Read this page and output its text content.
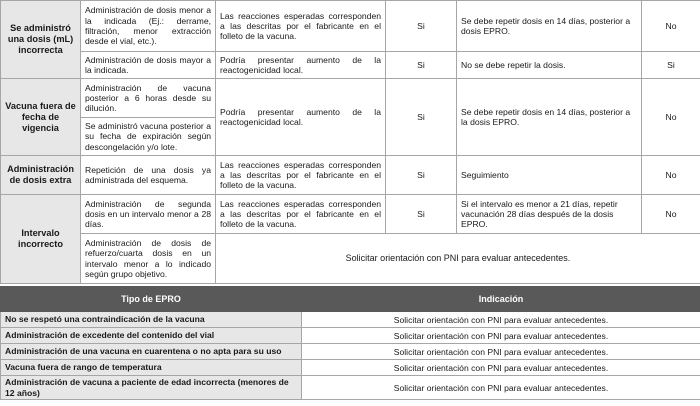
Se administró una dosis (mL) incorrecta	Administración de dosis menor a la indicada (Ej.: derrame, filtración, menor extracción desde el vial, etc.).	Las reacciones esperadas corresponden a las descritas por el fabricante en el folleto de la vacuna.	Si	Se debe repetir dosis en 14 días, posterior a dosis EPRO.	No
	Administración de dosis mayor a la indicada.	Podría presentar aumento de la reactogenicidad local.	Si	No se debe repetir la dosis.	Si
Vacuna fuera de fecha de vigencia	Administración de vacuna posterior a 6 horas desde su dilución.	Podría presentar aumento de la reactogenicidad local.	Si	Se debe repetir dosis en 14 días, posterior a la dosis EPRO.	No
	Se administró vacuna posterior a su fecha de expiración según descongelación y/o lote.				
Administración de dosis extra	Repetición de una dosis ya administrada del esquema.	Las reacciones esperadas corresponden a las descritas por el fabricante en el folleto de la vacuna.	Si	Seguimiento	No
Intervalo incorrecto	Administración de segunda dosis en un intervalo menor a 28 días.	Las reacciones esperadas corresponden a las descritas por el fabricante en el folleto de la vacuna.	Si	Si el intervalo es menor a 21 días, repetir vacunación 28 días después de la dosis EPRO.	No
	Administración de dosis de refuerzo/cuarta dosis en un intervalo menor a lo indicado según grupo objetivo.	Solicitar orientación con PNI para evaluar antecedentes.			
Tipo de EPRO	Indicación
No se respetó una contraindicación de la vacuna	Solicitar orientación con PNI para evaluar antecedentes.
Administración de excedente del contenido del vial	Solicitar orientación con PNI para evaluar antecedentes.
Administración de una vacuna en cuarentena o no apta para su uso	Solicitar orientación con PNI para evaluar antecedentes.
Vacuna fuera de rango de temperatura	Solicitar orientación con PNI para evaluar antecedentes.
Administración de vacuna a paciente de edad incorrecta (menores de 12 años)	Solicitar orientación con PNI para evaluar antecedentes.
